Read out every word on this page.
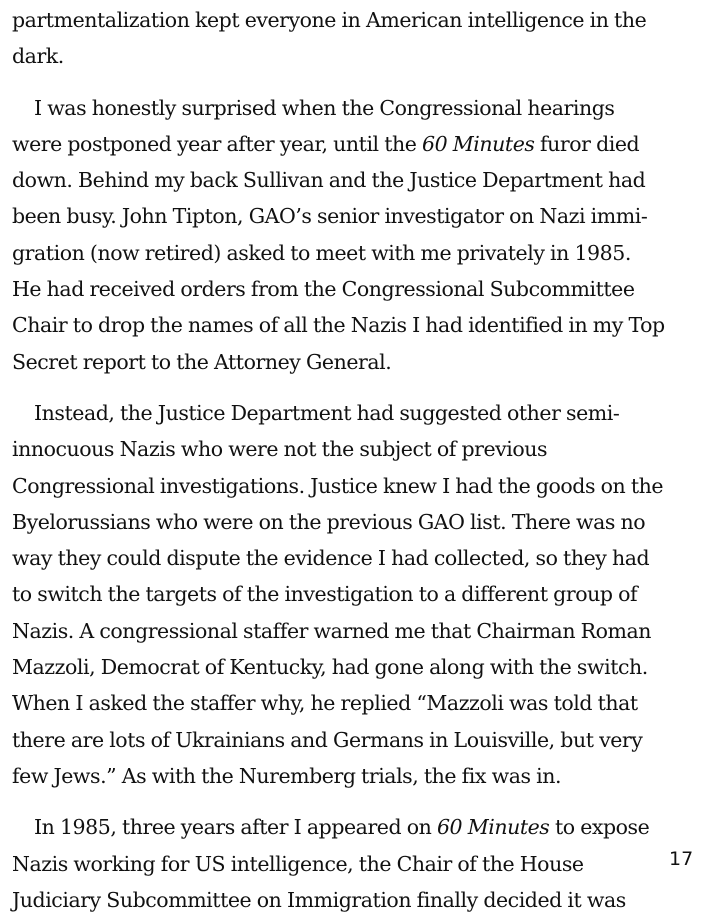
partmentalization kept everyone in American intelligence in the
dark.

I was honestly surprised when the Congressional hearings
were postponed year after year, until the 60 Minutes furor died
down. Behind my back Sullivan and the Justice Department had
been busy. John Tipton, GAO’s senior investigator on Nazi immi-
gration (now retired) asked to meet with me privately in 1985.
He had received orders from the Congressional Subcommittee
Chair to drop the names of all the Nazis I had identified in my Top
Secret report to the Attorney General.

Instead, the Justice Department had suggested other semi-
innocuous Nazis who were not the subject of previous
Congressional investigations. Justice knew I had the goods on the
Byelorussians who were on the previous GAO list. There was no
way they could dispute the evidence I had collected, so they had
to switch the targets of the investigation to a different group of
Nazis. A congressional staffer warned me that Chairman Roman
Mazzoli, Democrat of Kentucky, had gone along with the switch.
When I asked the staffer why, he replied “Mazzoli was told that
there are lots of Ukrainians and Germans in Louisville, but very
few Jews.” As with the Nuremberg trials, the fix was in.

In 1985, three years after I appeared on 60 Minutes to expose
Nazis working for US intelligence, the Chair of the House
Judiciary Subcommittee on Immigration finally decided it was

17
